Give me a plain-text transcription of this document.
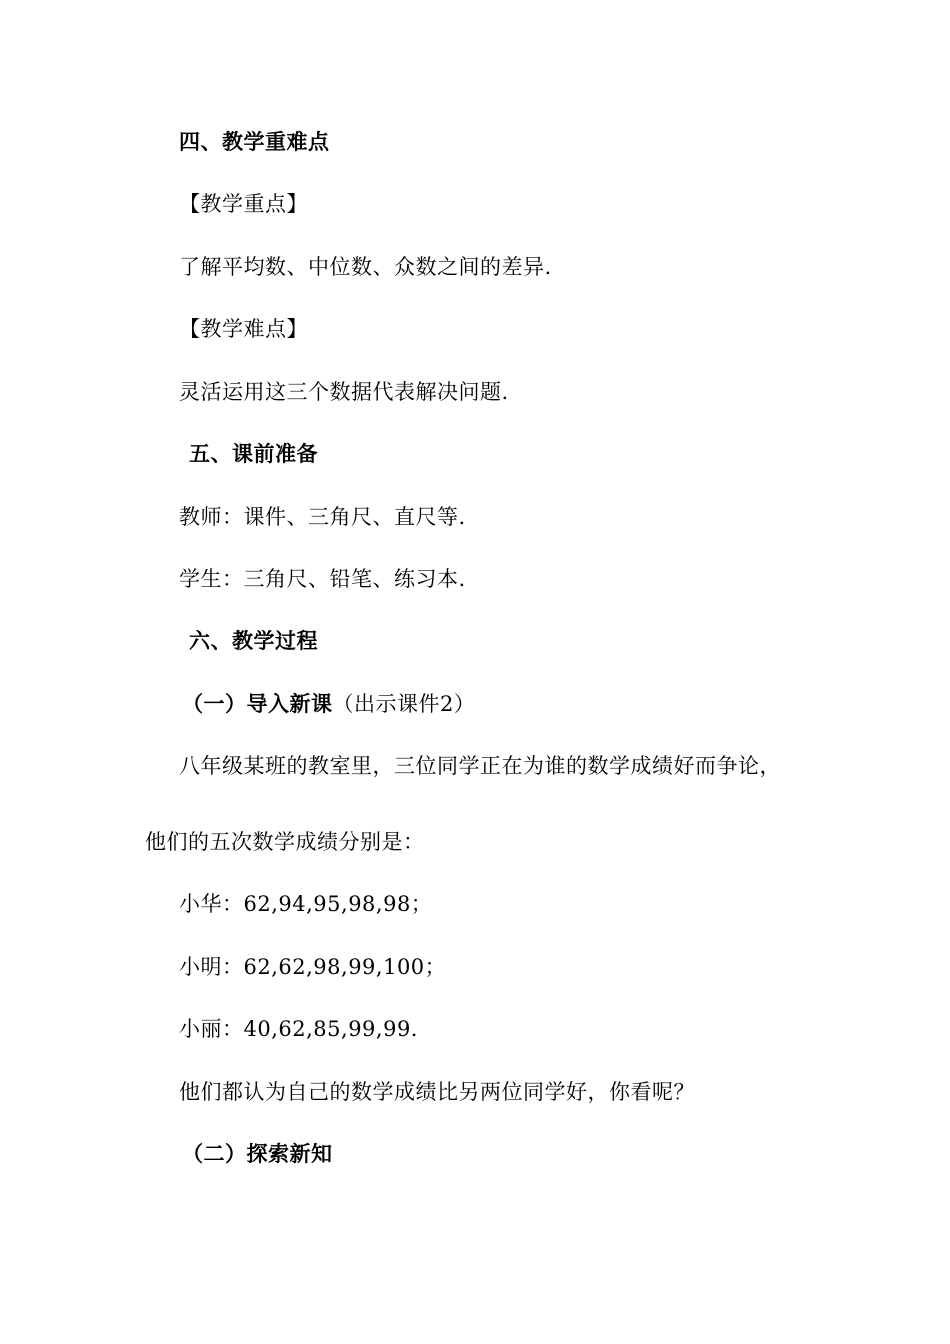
四、教学重难点
【教学重点】
了解平均数、中位数、众数之间的差异.
【教学难点】
灵活运用这三个数据代表解决问题.
五、课前准备
教师：课件、三角尺、直尺等.
学生：三角尺、铅笔、练习本.
六、教学过程
（一）导入新课（出示课件2）
八年级某班的教室里，三位同学正在为谁的数学成绩好而争论，
他们的五次数学成绩分别是：
小华：62,94,95,98,98；
小明：62,62,98,99,100；
小丽：40,62,85,99,99.
他们都认为自己的数学成绩比另两位同学好，你看呢？
（二）探索新知
